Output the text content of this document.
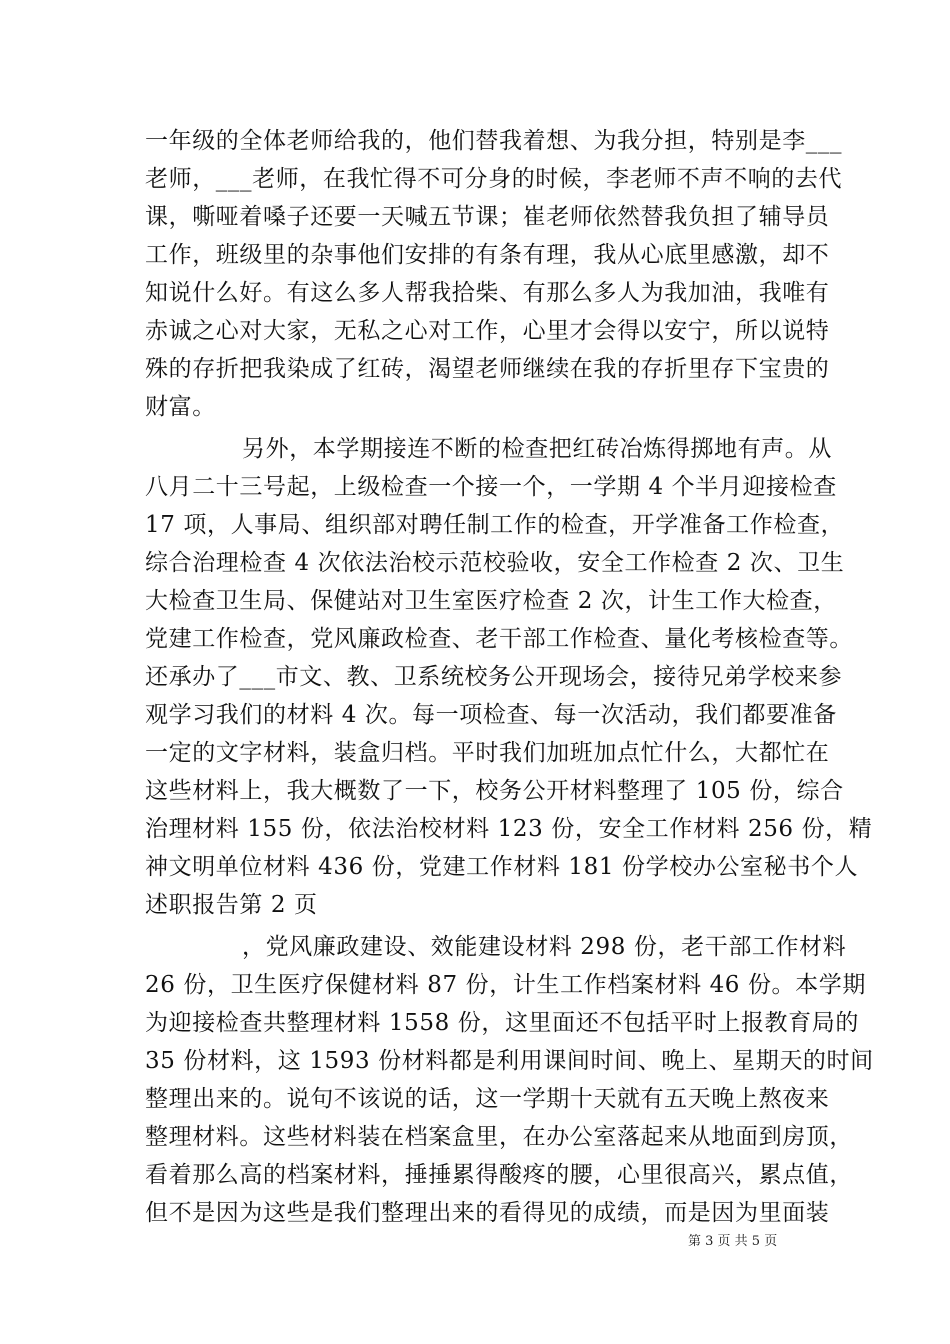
一年级的全体老师给我的，他们替我着想、为我分担，特别是李___
老师，___老师，在我忙得不可分身的时候，李老师不声不响的去代
课，嘶哑着嗓子还要一天喊五节课；崔老师依然替我负担了辅导员
工作，班级里的杂事他们安排的有条有理，我从心底里感激，却不
知说什么好。有这么多人帮我拾柴、有那么多人为我加油，我唯有
赤诚之心对大家，无私之心对工作，心里才会得以安宁，所以说特
殊的存折把我染成了红砖，渴望老师继续在我的存折里存下宝贵的
财富。
另外，本学期接连不断的检查把红砖冶炼得掷地有声。从
八月二十三号起，上级检查一个接一个，一学期 4 个半月迎接检查
17 项，人事局、组织部对聘任制工作的检查，开学准备工作检查，
综合治理检查 4 次依法治校示范校验收，安全工作检查 2 次、卫生
大检查卫生局、保健站对卫生室医疗检查 2 次，计生工作大检查，
党建工作检查，党风廉政检查、老干部工作检查、量化考核检查等。
还承办了___市文、教、卫系统校务公开现场会，接待兄弟学校来参
观学习我们的材料 4 次。每一项检查、每一次活动，我们都要准备
一定的文字材料，装盒归档。平时我们加班加点忙什么，大都忙在
这些材料上，我大概数了一下，校务公开材料整理了 105 份，综合
治理材料 155 份，依法治校材料 123 份，安全工作材料 256 份，精
神文明单位材料 436 份，党建工作材料 181 份学校办公室秘书个人
述职报告第 2 页
，党风廉政建设、效能建设材料 298 份，老干部工作材料
26 份，卫生医疗保健材料 87 份，计生工作档案材料 46 份。本学期
为迎接检查共整理材料 1558 份，这里面还不包括平时上报教育局的
35 份材料，这 1593 份材料都是利用课间时间、晚上、星期天的时间
整理出来的。说句不该说的话，这一学期十天就有五天晚上熬夜来
整理材料。这些材料装在档案盒里，在办公室落起来从地面到房顶，
看着那么高的档案材料，捶捶累得酸疼的腰，心里很高兴，累点值，
但不是因为这些是我们整理出来的看得见的成绩，而是因为里面装
第 3 页 共 5 页
